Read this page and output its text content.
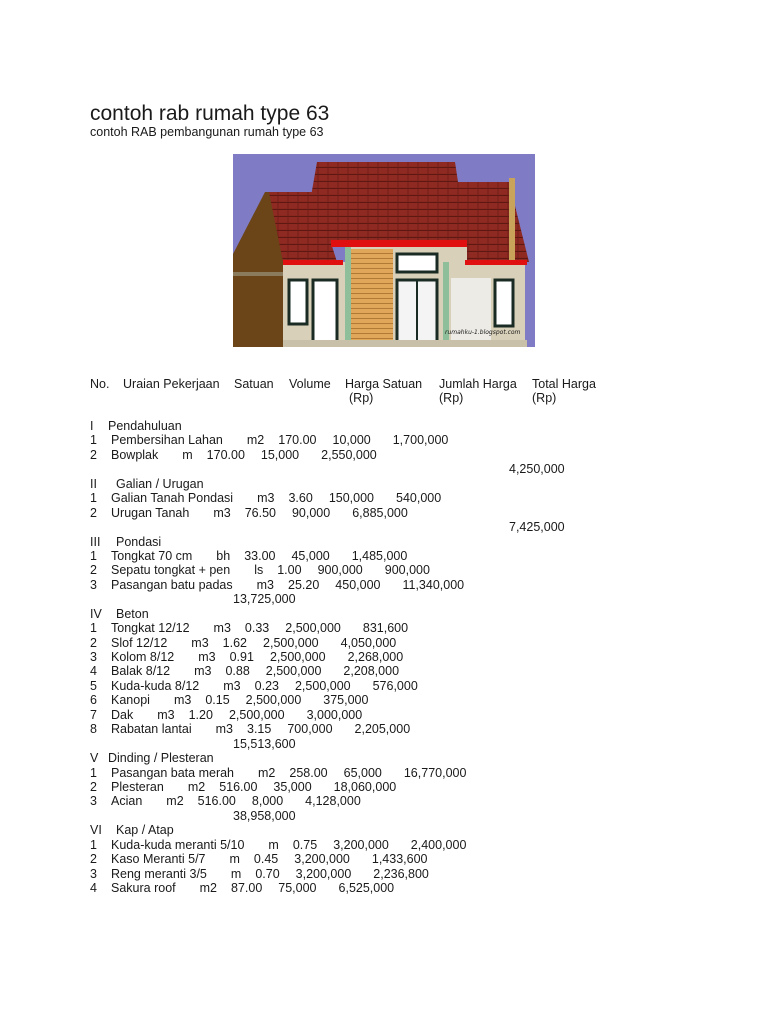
contoh rab rumah type 63
contoh RAB pembangunan rumah type 63
rumahku-1.blogspot.com
No. Uraian Pekerjaan Satuan Volume Harga Satuan
(Rp)
Jumlah Harga
(Rp)
Total Harga
(Rp)
I Pendahuluan
1 Pembersihan Lahan m2 170.00 10,000 1,700,000
2 Bowplak m 170.00 15,000 2,550,000
4,250,000
II Galian / Urugan
1 Galian Tanah Pondasi m3 3.60 150,000 540,000
2 Urugan Tanah m3 76.50 90,000 6,885,000
7,425,000
III Pondasi
1 Tongkat 70 cm bh 33.00 45,000 1,485,000
2 Sepatu tongkat + pen ls 1.00 900,000 900,000
3 Pasangan batu padas m3 25.20 450,000 11,340,000
13,725,000
IV Beton
1 Tongkat 12/12 m3 0.33 2,500,000 831,600
2 Slof 12/12 m3 1.62 2,500,000 4,050,000
3 Kolom 8/12 m3 0.91 2,500,000 2,268,000
4 Balak 8/12 m3 0.88 2,500,000 2,208,000
5 Kuda-kuda 8/12 m3 0.23 2,500,000 576,000
6 Kanopi m3 0.15 2,500,000 375,000
7 Dak m3 1.20 2,500,000 3,000,000
8 Rabatan lantai m3 3.15 700,000 2,205,000
15,513,600
V Dinding / Plesteran
1 Pasangan bata merah m2 258.00 65,000 16,770,000
2 Plesteran m2 516.00 35,000 18,060,000
3 Acian m2 516.00 8,000 4,128,000
38,958,000
VI Kap / Atap
1 Kuda-kuda meranti 5/10 m 0.75 3,200,000 2,400,000
2 Kaso Meranti 5/7 m 0.45 3,200,000 1,433,600
3 Reng meranti 3/5 m 0.70 3,200,000 2,236,800
4 Sakura roof m2 87.00 75,000 6,525,000
